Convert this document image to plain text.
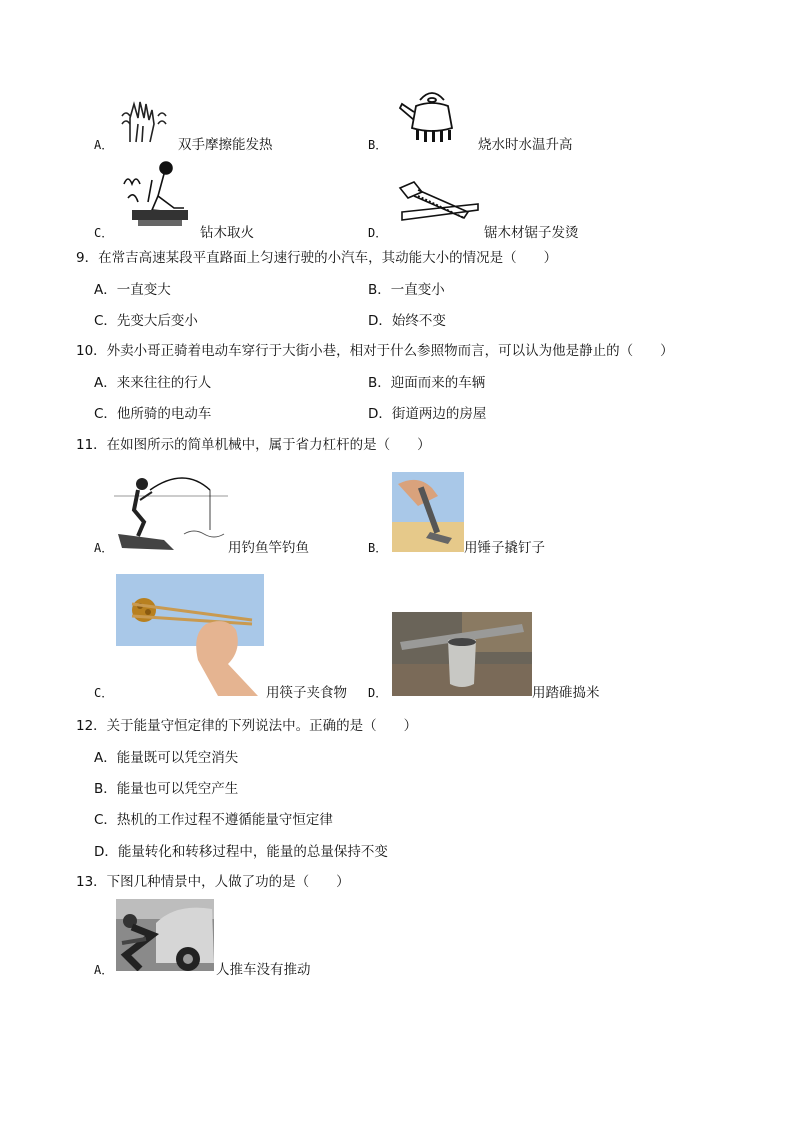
A．	双手摩擦能发热	B．	烧水时水温升高
C．	钻木取火	D．	锯木材锯子发烫
9．在常吉高速某段平直路面上匀速行驶的小汽车，其动能大小的情况是（　　）
A．一直变大	B．一直变小
C．先变大后变小	D．始终不变
10．外卖小哥正骑着电动车穿行于大街小巷，相对于什么参照物而言，可以认为他是静止的（　　）
A．来来往往的行人	B．迎面而来的车辆
C．他所骑的电动车	D．街道两边的房屋
11．在如图所示的简单机械中，属于省力杠杆的是（　　）
A．	用钓鱼竿钓鱼	B．	用锤子撬钉子
C．	用筷子夹食物 D．	用踏碓捣米
12．关于能量守恒定律的下列说法中。正确的是（　　）
A．能量既可以凭空消失
B．能量也可以凭空产生
C．热机的工作过程不遵循能量守恒定律
D．能量转化和转移过程中，能量的总量保持不变
13．下图几种情景中，人做了功的是（　　）
A．	人推车没有推动
